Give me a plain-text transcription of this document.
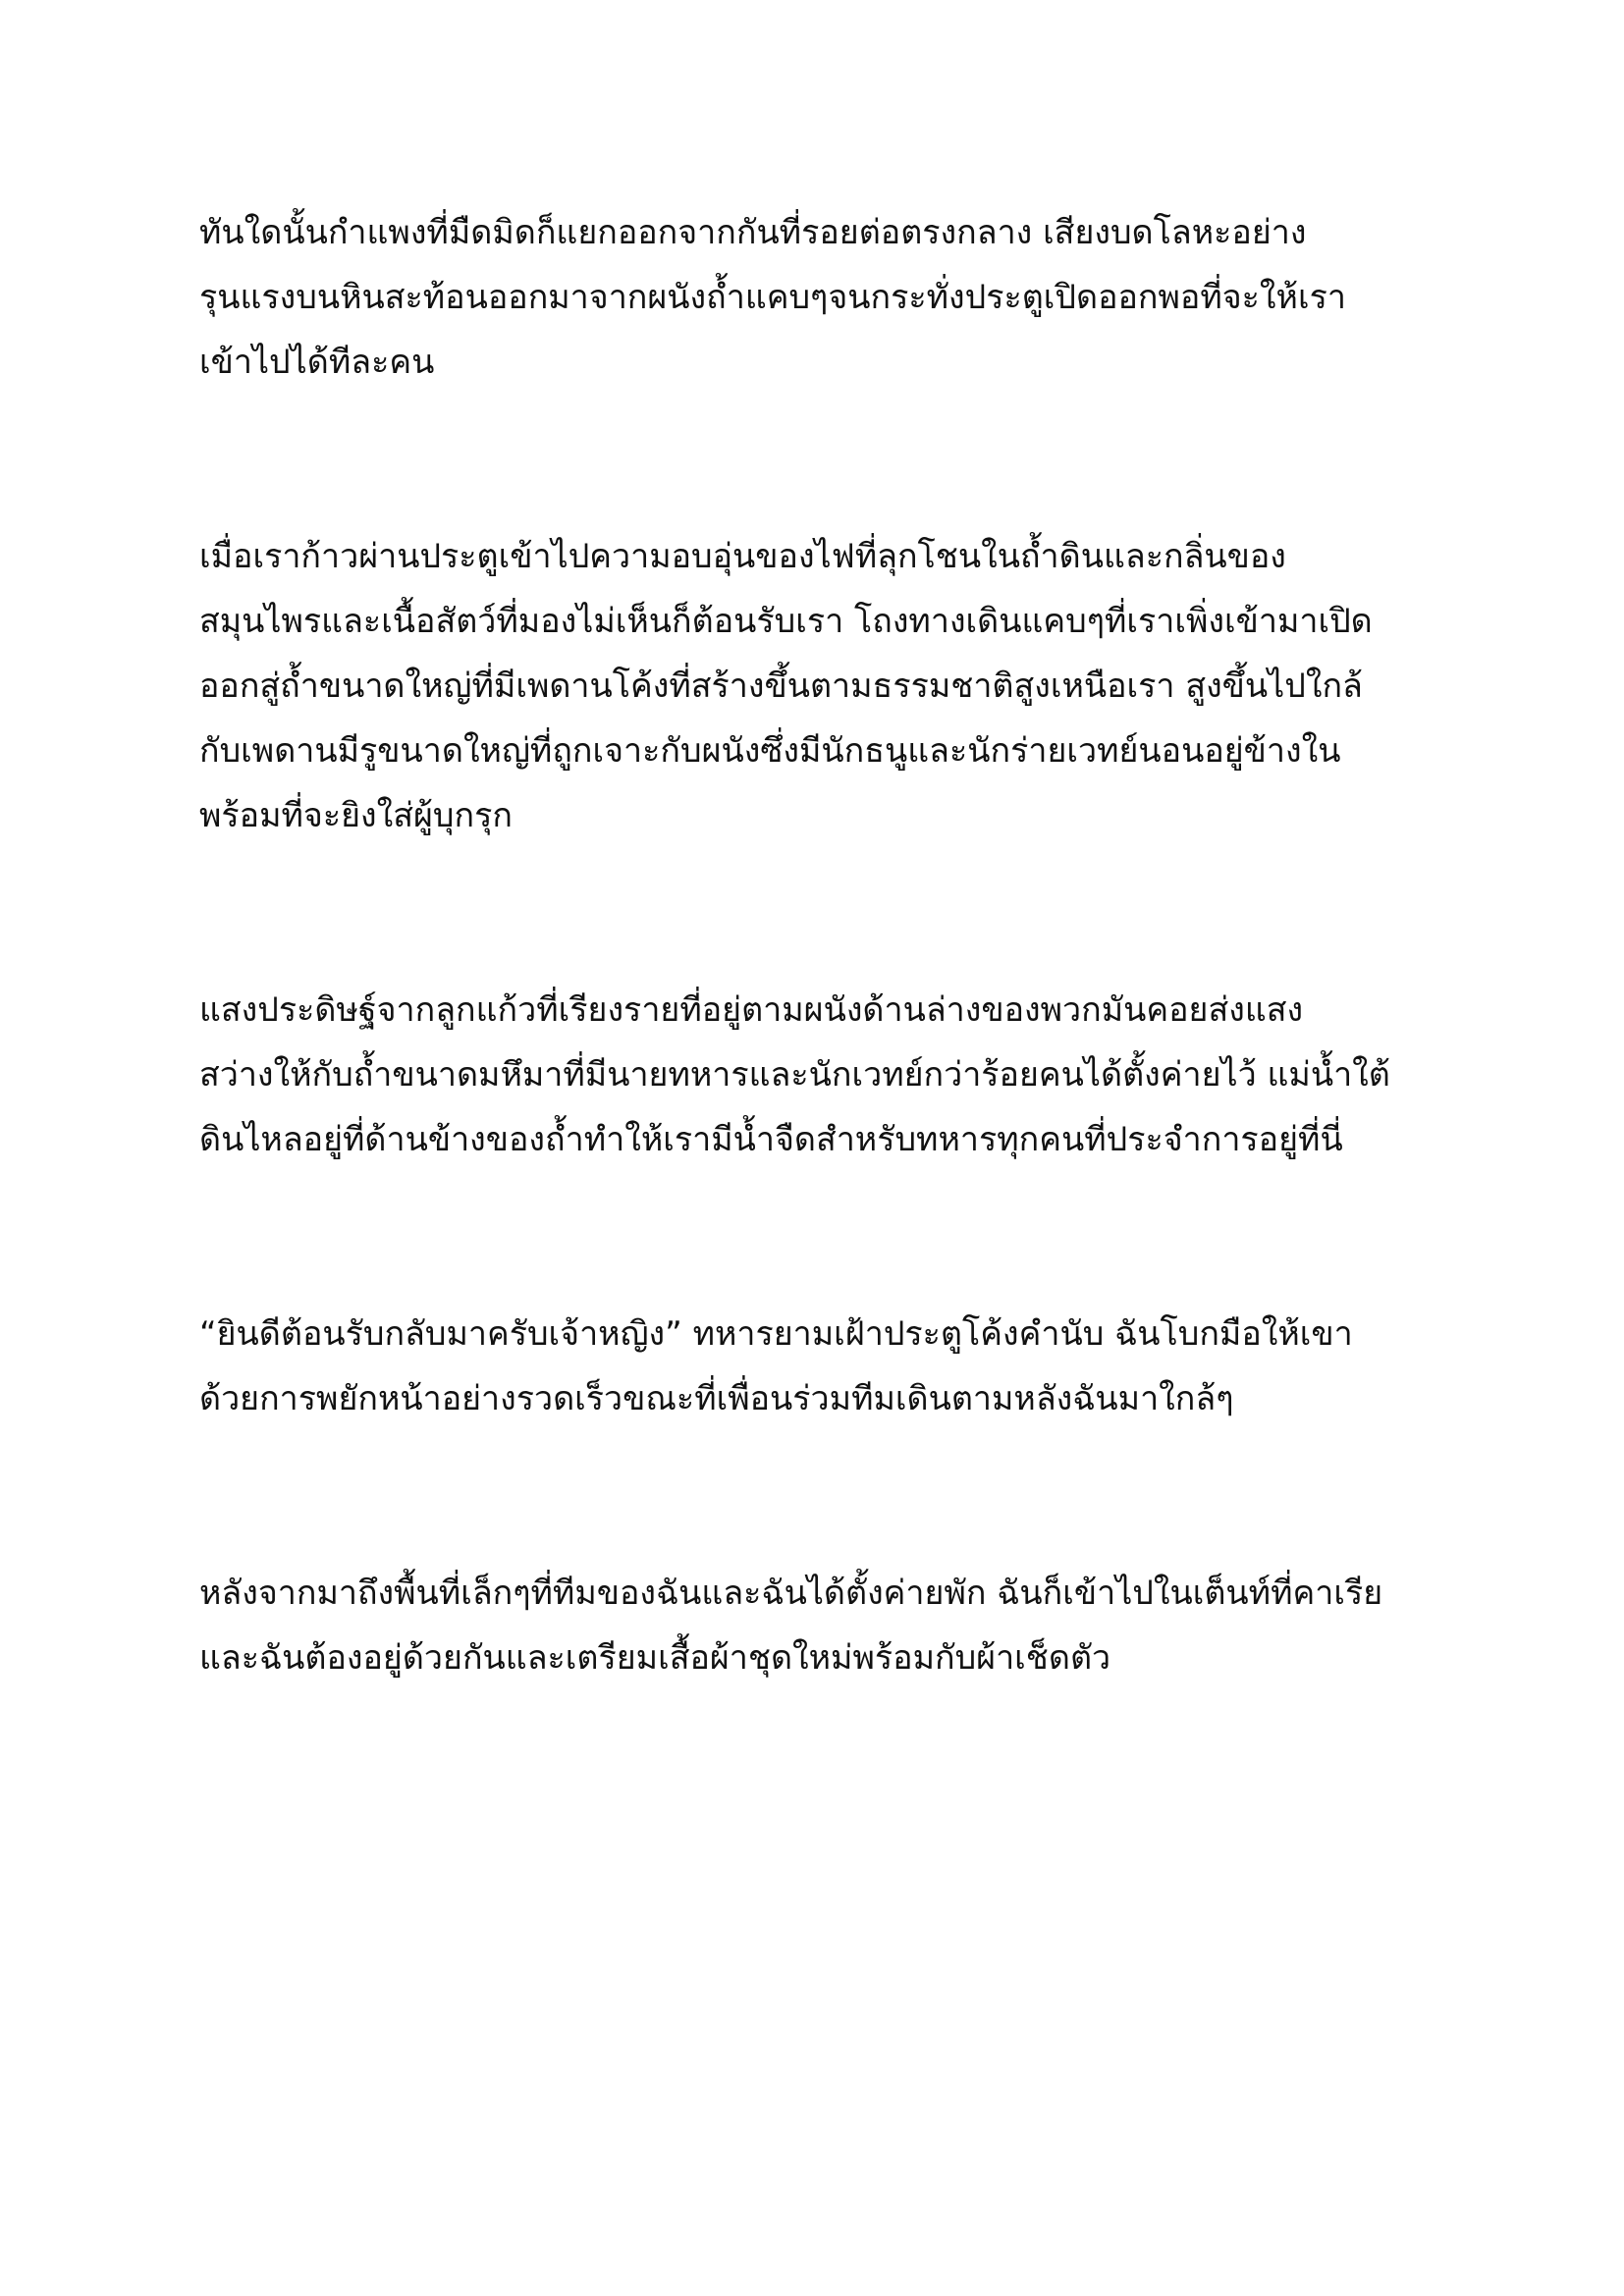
ทันใดนั้นกำแพงที่มืดมิดก็แยกออกจากกันที่รอยต่อตรงกลาง เสียงบดโลหะอย่าง
รุนแรงบนหินสะท้อนออกมาจากผนังถ้ำแคบๆจนกระทั่งประตูเปิดออกพอที่จะให้เรา
เข้าไปได้ทีละคน
เมื่อเราก้าวผ่านประตูเข้าไปความอบอุ่นของไฟที่ลุกโชนในถ้ำดินและกลิ่นของ
สมุนไพรและเนื้อสัตว์ที่มองไม่เห็นก็ต้อนรับเรา โถงทางเดินแคบๆที่เราเพิ่งเข้ามาเปิด
ออกสู่ถ้ำขนาดใหญ่ที่มีเพดานโค้งที่สร้างขึ้นตามธรรมชาติสูงเหนือเรา สูงขึ้นไปใกล้
กับเพดานมีรูขนาดใหญ่ที่ถูกเจาะกับผนังซึ่งมีนักธนูและนักร่ายเวทย์นอนอยู่ข้างใน
พร้อมที่จะยิงใส่ผู้บุกรุก
แสงประดิษฐ์จากลูกแก้วที่เรียงรายที่อยู่ตามผนังด้านล่างของพวกมันคอยส่งแสง
สว่างให้กับถ้ำขนาดมหึมาที่มีนายทหารและนักเวทย์กว่าร้อยคนได้ตั้งค่ายไว้ แม่น้ำใต้
ดินไหลอยู่ที่ด้านข้างของถ้ำทำให้เรามีน้ำจืดสำหรับทหารทุกคนที่ประจำการอยู่ที่นี่
“ยินดีต้อนรับกลับมาครับเจ้าหญิง” ทหารยามเฝ้าประตูโค้งคำนับ ฉันโบกมือให้เขา
ด้วยการพยักหน้าอย่างรวดเร็วขณะที่เพื่อนร่วมทีมเดินตามหลังฉันมาใกล้ๆ
หลังจากมาถึงพื้นที่เล็กๆที่ทีมของฉันและฉันได้ตั้งค่ายพัก ฉันก็เข้าไปในเต็นท์ที่คาเรีย
และฉันต้องอยู่ด้วยกันและเตรียมเสื้อผ้าชุดใหม่พร้อมกับผ้าเช็ดตัว
